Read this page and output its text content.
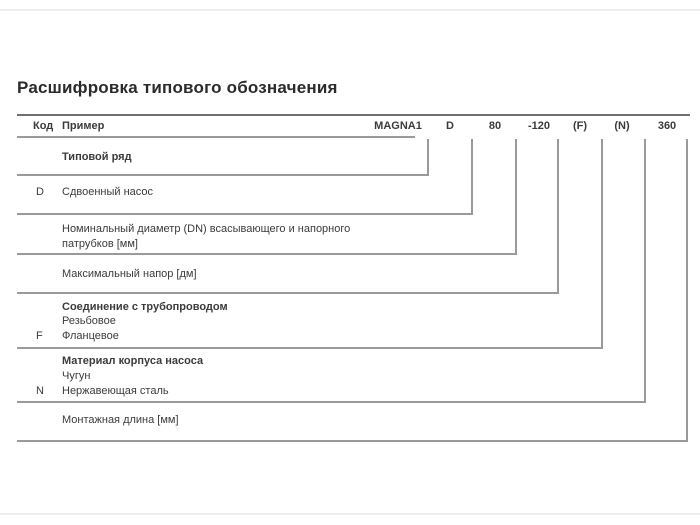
Расшифровка типового обозначения
Код Пример	MAGNA1 D	80 -120 (F) (N)	360
Типовой ряд
D Сдвоенный насос
Номинальный диаметр (DN) всасывающего и напорного
патрубков [мм]
Максимальный напор [дм]
Соединение с трубопроводом
Резьбовое
F Фланцевое
Материал корпуса насоса
Чугун
N Нержавеющая сталь
Монтажная длина [мм]
